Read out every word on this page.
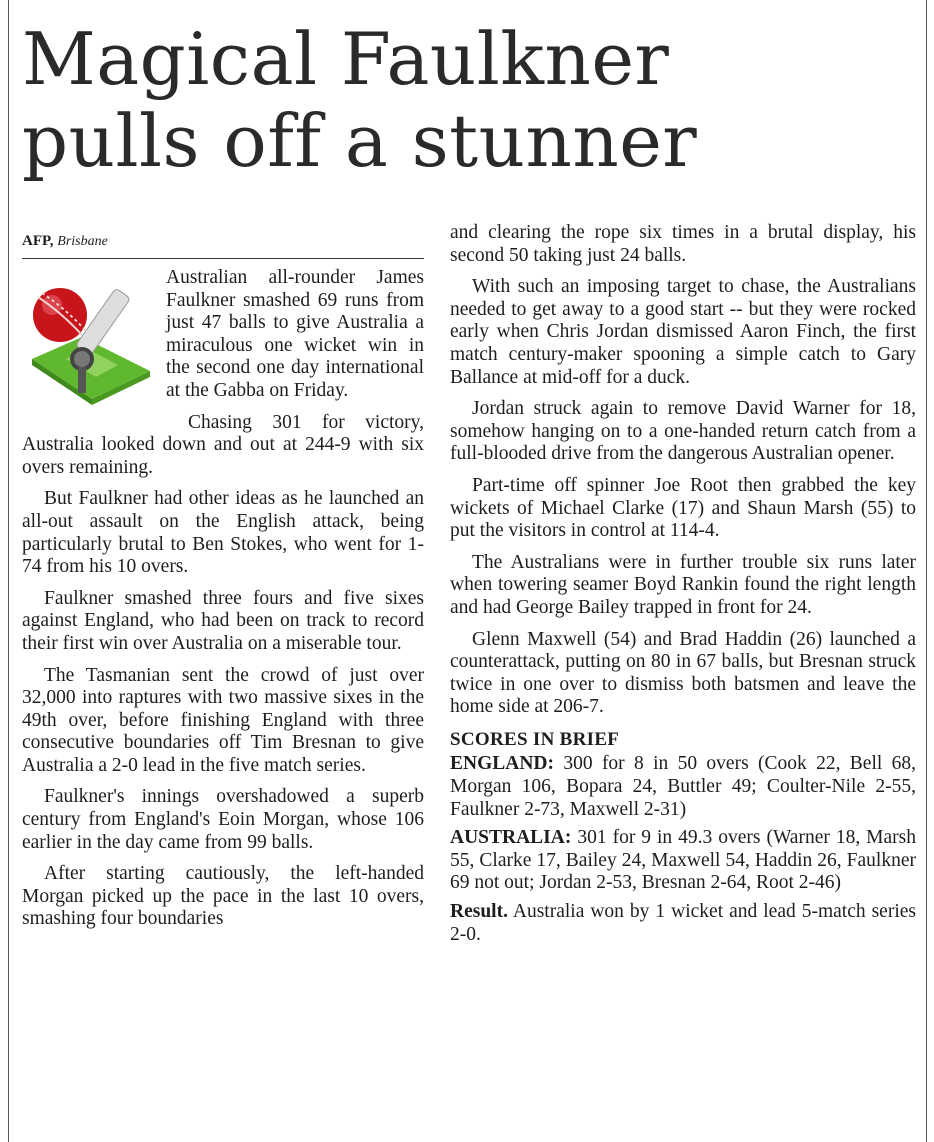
Magical Faulkner
pulls off a stunner
AFP, Brisbane

Australian all-rounder James Faulkner smashed 69 runs from just 47 balls to give Australia a miraculous one wicket win in the second one day international at the Gabba on Friday.

Chasing 301 for victory, Australia looked down and out at 244-9 with six overs remaining.

But Faulkner had other ideas as he launched an all-out assault on the English attack, being particularly brutal to Ben Stokes, who went for 1-74 from his 10 overs.

Faulkner smashed three fours and five sixes against England, who had been on track to record their first win over Australia on a miserable tour.

The Tasmanian sent the crowd of just over 32,000 into raptures with two massive sixes in the 49th over, before finishing England with three consecutive boundaries off Tim Bresnan to give Australia a 2-0 lead in the five match series.

Faulkner's innings overshadowed a superb century from England's Eoin Morgan, whose 106 earlier in the day came from 99 balls.

After starting cautiously, the left-handed Morgan picked up the pace in the last 10 overs, smashing four boundaries

and clearing the rope six times in a brutal display, his second 50 taking just 24 balls.

With such an imposing target to chase, the Australians needed to get away to a good start -- but they were rocked early when Chris Jordan dismissed Aaron Finch, the first match century-maker spooning a simple catch to Gary Ballance at mid-off for a duck.

Jordan struck again to remove David Warner for 18, somehow hanging on to a one-handed return catch from a full-blooded drive from the dangerous Australian opener.

Part-time off spinner Joe Root then grabbed the key wickets of Michael Clarke (17) and Shaun Marsh (55) to put the visitors in control at 114-4.

The Australians were in further trouble six runs later when towering seamer Boyd Rankin found the right length and had George Bailey trapped in front for 24.

Glenn Maxwell (54) and Brad Haddin (26) launched a counterattack, putting on 80 in 67 balls, but Bresnan struck twice in one over to dismiss both batsmen and leave the home side at 206-7.

SCORES IN BRIEF

ENGLAND: 300 for 8 in 50 overs (Cook 22, Bell 68, Morgan 106, Bopara 24, Buttler 49; Coulter-Nile 2-55, Faulkner 2-73, Maxwell 2-31)

AUSTRALIA: 301 for 9 in 49.3 overs (Warner 18, Marsh 55, Clarke 17, Bailey 24, Maxwell 54, Haddin 26, Faulkner 69 not out; Jordan 2-53, Bresnan 2-64, Root 2-46)

Result. Australia won by 1 wicket and lead 5-match series 2-0.
